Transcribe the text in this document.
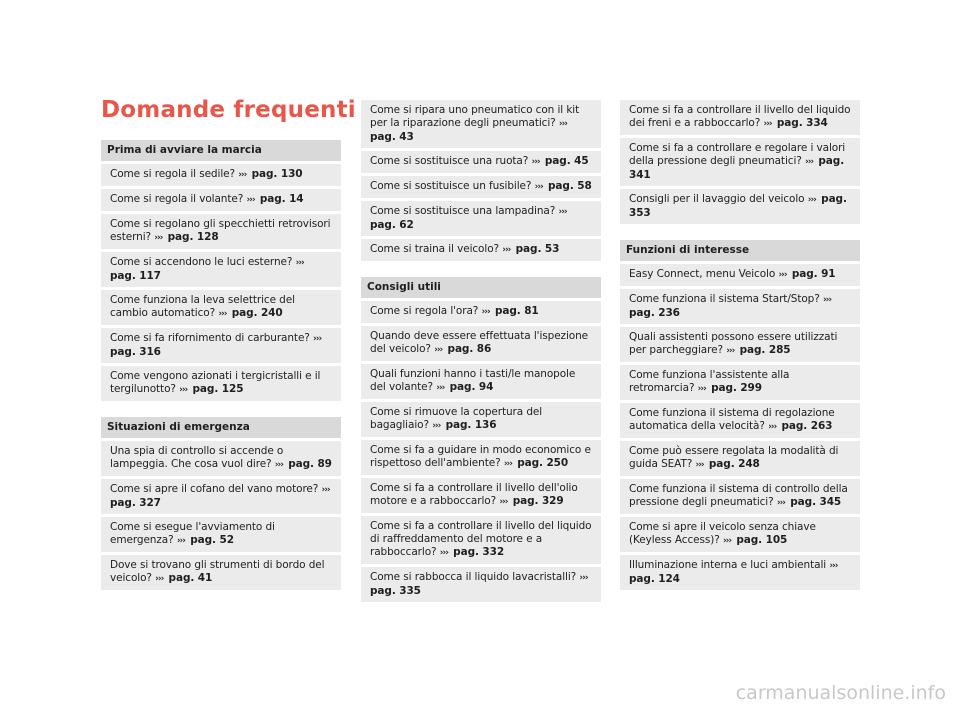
Domande frequenti
Prima di avviare la marcia
Come si regola il sedile? ››› pag. 130
Come si regola il volante? ››› pag. 14
Come si regolano gli specchietti retrovisori esterni? ››› pag. 128
Come si accendono le luci esterne? ››› pag. 117
Come funziona la leva selettrice del cambio automatico? ››› pag. 240
Come si fa rifornimento di carburante? ››› pag. 316
Come vengono azionati i tergicristalli e il tergilunotto? ››› pag. 125
Situazioni di emergenza
Una spia di controllo si accende o lampeggia. Che cosa vuol dire? ››› pag. 89
Come si apre il cofano del vano motore? ››› pag. 327
Come si esegue l'avviamento di emergenza? ››› pag. 52
Dove si trovano gli strumenti di bordo del veicolo? ››› pag. 41
Come si ripara uno pneumatico con il kit per la riparazione degli pneumatici? ››› pag. 43
Come si sostituisce una ruota? ››› pag. 45
Come si sostituisce un fusibile? ››› pag. 58
Come si sostituisce una lampadina? ››› pag. 62
Come si traina il veicolo? ››› pag. 53
Consigli utili
Come si regola l'ora? ››› pag. 81
Quando deve essere effettuata l'ispezione del veicolo? ››› pag. 86
Quali funzioni hanno i tasti/le manopole del volante? ››› pag. 94
Come si rimuove la copertura del bagagliaio? ››› pag. 136
Come si fa a guidare in modo economico e rispettoso dell'ambiente? ››› pag. 250
Come si fa a controllare il livello dell'olio motore e a rabboccarlo? ››› pag. 329
Come si fa a controllare il livello del liquido di raffreddamento del motore e a rabboccarlo? ››› pag. 332
Come si rabbocca il liquido lavacristalli? ››› pag. 335
Come si fa a controllare il livello del liquido dei freni e a rabboccarlo? ››› pag. 334
Come si fa a controllare e regolare i valori della pressione degli pneumatici? ››› pag. 341
Consigli per il lavaggio del veicolo ››› pag. 353
Funzioni di interesse
Easy Connect, menu Veicolo ››› pag. 91
Come funziona il sistema Start/Stop? ››› pag. 236
Quali assistenti possono essere utilizzati per parcheggiare? ››› pag. 285
Come funziona l'assistente alla retromarcia? ››› pag. 299
Come funziona il sistema di regolazione automatica della velocità? ››› pag. 263
Come può essere regolata la modalità di guida SEAT? ››› pag. 248
Come funziona il sistema di controllo della pressione degli pneumatici? ››› pag. 345
Come si apre il veicolo senza chiave (Keyless Access)? ››› pag. 105
Illuminazione interna e luci ambientali ››› pag. 124
carmanualsonline.info
